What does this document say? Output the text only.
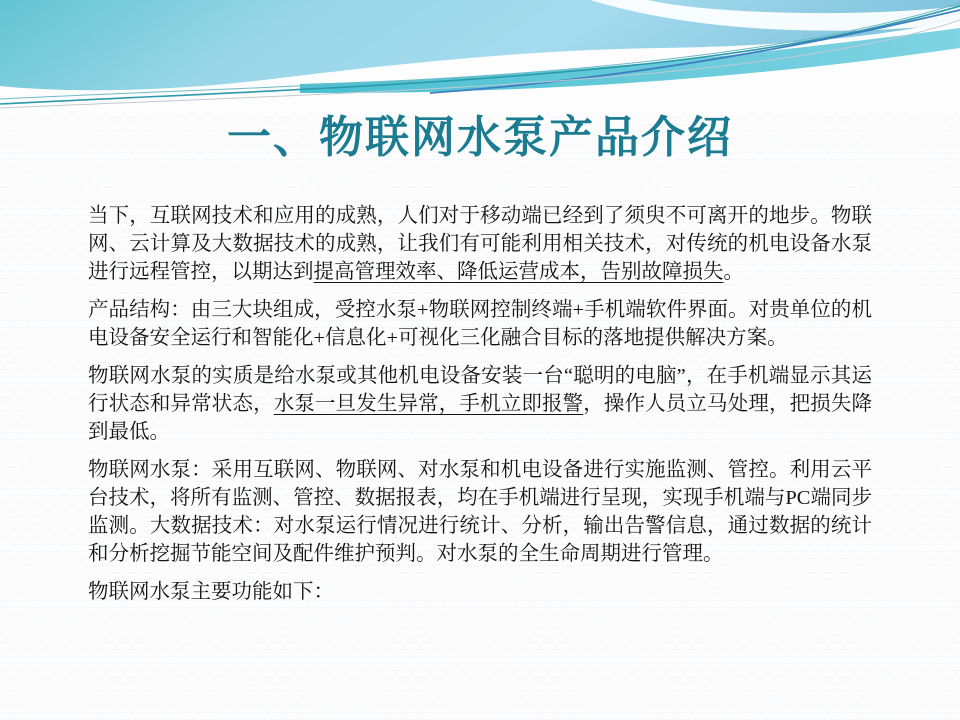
一、物联网水泵产品介绍

当下，互联网技术和应用的成熟，人们对于移动端已经到了须臾不可离开的地步。物联网、云计算及大数据技术的成熟，让我们有可能利用相关技术，对传统的机电设备水泵进行远程管控，以期达到提高管理效率、降低运营成本，告别故障损失。

产品结构：由三大块组成，受控水泵+物联网控制终端+手机端软件界面。对贵单位的机电设备安全运行和智能化+信息化+可视化三化融合目标的落地提供解决方案。

物联网水泵的实质是给水泵或其他机电设备安装一台“聪明的电脑”，在手机端显示其运行状态和异常状态，水泵一旦发生异常，手机立即报警，操作人员立马处理，把损失降到最低。

物联网水泵：采用互联网、物联网、对水泵和机电设备进行实施监测、管控。利用云平台技术，将所有监测、管控、数据报表，均在手机端进行呈现，实现手机端与PC端同步监测。大数据技术：对水泵运行情况进行统计、分析，输出告警信息，通过数据的统计和分析挖掘节能空间及配件维护预判。对水泵的全生命周期进行管理。

物联网水泵主要功能如下：
